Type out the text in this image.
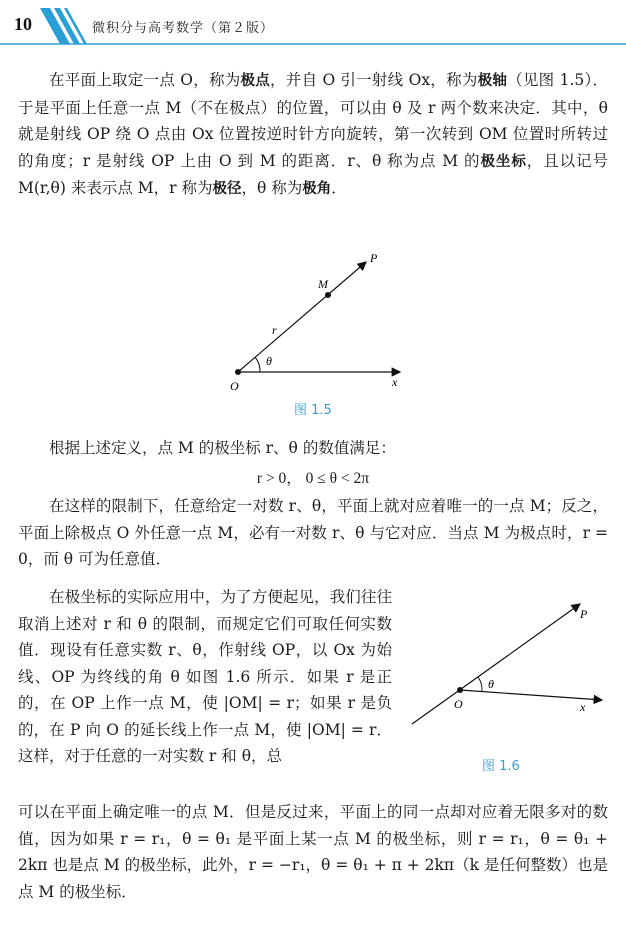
10	微积分与高考数学（第２版）

在平面上取定一点 O，称为极点，并自 O 引一射线 Ox，称为极轴（见图 1.5）．于是平面上任意一点 M（不在极点）的位置，可以由 θ 及 r 两个数来决定．其中，θ 就是射线 OP 绕 O 点由 Ox 位置按逆时针方向旋转，第一次转到 OM 位置时所转过的角度；r 是射线 OP 上由 O 到 M 的距离．r、θ 称为点 M 的极坐标，且以记号 M(r,θ) 来表示点 M，r 称为极径，θ 称为极角．

P
M
r
θ
O	x
图 1.5

根据上述定义，点 M 的极坐标 r、θ 的数值满足：

r > 0， 0 ≤ θ < 2π

在这样的限制下，任意给定一对数 r、θ，平面上就对应着唯一的一点 M；反之，平面上除极点 O 外任意一点 M，必有一对数 r、θ 与它对应．当点 M 为极点时，r = 0，而 θ 可为任意值．

在极坐标的实际应用中，为了方便起见，我们往往取消上述对 r 和 θ 的限制，而规定它们可取任何实数值．现设有任意实数 r、θ，作射线 OP，以 Ox 为始线、OP 为终线的角 θ 如图 1.6 所示．如果 r 是正的，在 OP 上作一点 M，使 |OM| = r；如果 r 是负的，在 P 向 O 的延长线上作一点 M，使 |OM| = r．这样，对于任意的一对实数 r 和 θ，总

P
θ
O	x
图 1.6

可以在平面上确定唯一的点 M．但是反过来，平面上的同一点却对应着无限多对的数值，因为如果 r = r₁，θ = θ₁ 是平面上某一点 M 的极坐标，则 r = r₁，θ = θ₁ + 2kπ 也是点 M 的极坐标，此外，r = −r₁，θ = θ₁ + π + 2kπ（k 是任何整数）也是点 M 的极坐标．
